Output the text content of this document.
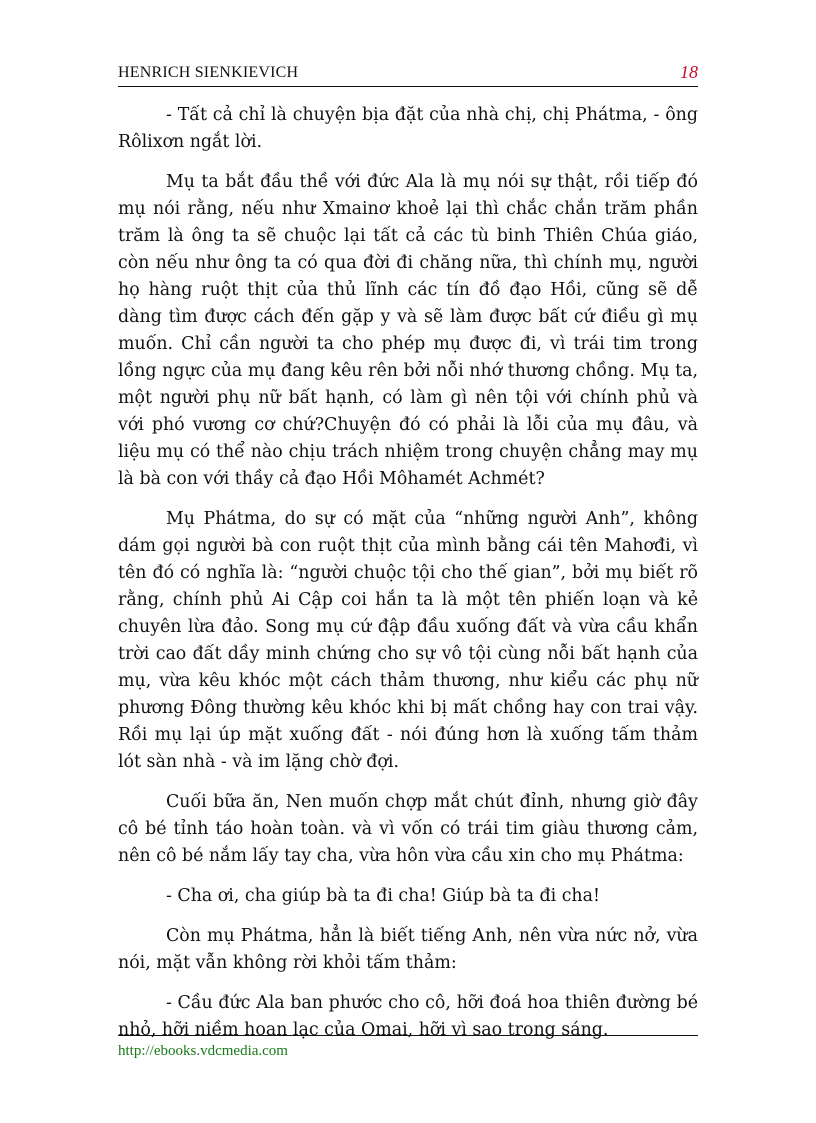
HENRICH SIENKIEVICH	18

- Tất cả chỉ là chuyện bịa đặt của nhà chị, chị Phátma, - ông Rôlixơn ngắt lời.

Mụ ta bắt đầu thề với đức Ala là mụ nói sự thật, rồi tiếp đó mụ nói rằng, nếu như Xmainơ khoẻ lại thì chắc chắn trăm phần trăm là ông ta sẽ chuộc lại tất cả các tù binh Thiên Chúa giáo, còn nếu như ông ta có qua đời đi chăng nữa, thì chính mụ, người họ hàng ruột thịt của thủ lĩnh các tín đồ đạo Hồi, cũng sẽ dễ dàng tìm được cách đến gặp y và sẽ làm được bất cứ điều gì mụ muốn. Chỉ cần người ta cho phép mụ được đi, vì trái tim trong lồng ngực của mụ đang kêu rên bởi nỗi nhớ thương chồng. Mụ ta, một người phụ nữ bất hạnh, có làm gì nên tội với chính phủ và với phó vương cơ chứ?Chuyện đó có phải là lỗi của mụ đâu, và liệu mụ có thể nào chịu trách nhiệm trong chuyện chẳng may mụ là bà con với thầy cả đạo Hồi Môhamét Achmét?

Mụ Phátma, do sự có mặt của “những người Anh”, không dám gọi người bà con ruột thịt của mình bằng cái tên Mahơđi, vì tên đó có nghĩa là: “người chuộc tội cho thế gian”, bởi mụ biết rõ rằng, chính phủ Ai Cập coi hắn ta là một tên phiến loạn và kẻ chuyên lừa đảo. Song mụ cứ đập đầu xuống đất và vừa cầu khẩn trời cao đất dầy minh chứng cho sự vô tội cùng nỗi bất hạnh của mụ, vừa kêu khóc một cách thảm thương, như kiểu các phụ nữ phương Đông thường kêu khóc khi bị mất chồng hay con trai vậy. Rồi mụ lại úp mặt xuống đất - nói đúng hơn là xuống tấm thảm lót sàn nhà - và im lặng chờ đợi.

Cuối bữa ăn, Nen muốn chợp mắt chút đỉnh, nhưng giờ đây cô bé tỉnh táo hoàn toàn. và vì vốn có trái tim giàu thương cảm, nên cô bé nắm lấy tay cha, vừa hôn vừa cầu xin cho mụ Phátma:

- Cha ơi, cha giúp bà ta đi cha! Giúp bà ta đi cha!

Còn mụ Phátma, hẳn là biết tiếng Anh, nên vừa nức nở, vừa nói, mặt vẫn không rời khỏi tấm thảm:

- Cầu đức Ala ban phước cho cô, hỡi đoá hoa thiên đường bé nhỏ, hỡi niềm hoan lạc của Omai, hỡi vì sao trong sáng.

http://ebooks.vdcmedia.com
